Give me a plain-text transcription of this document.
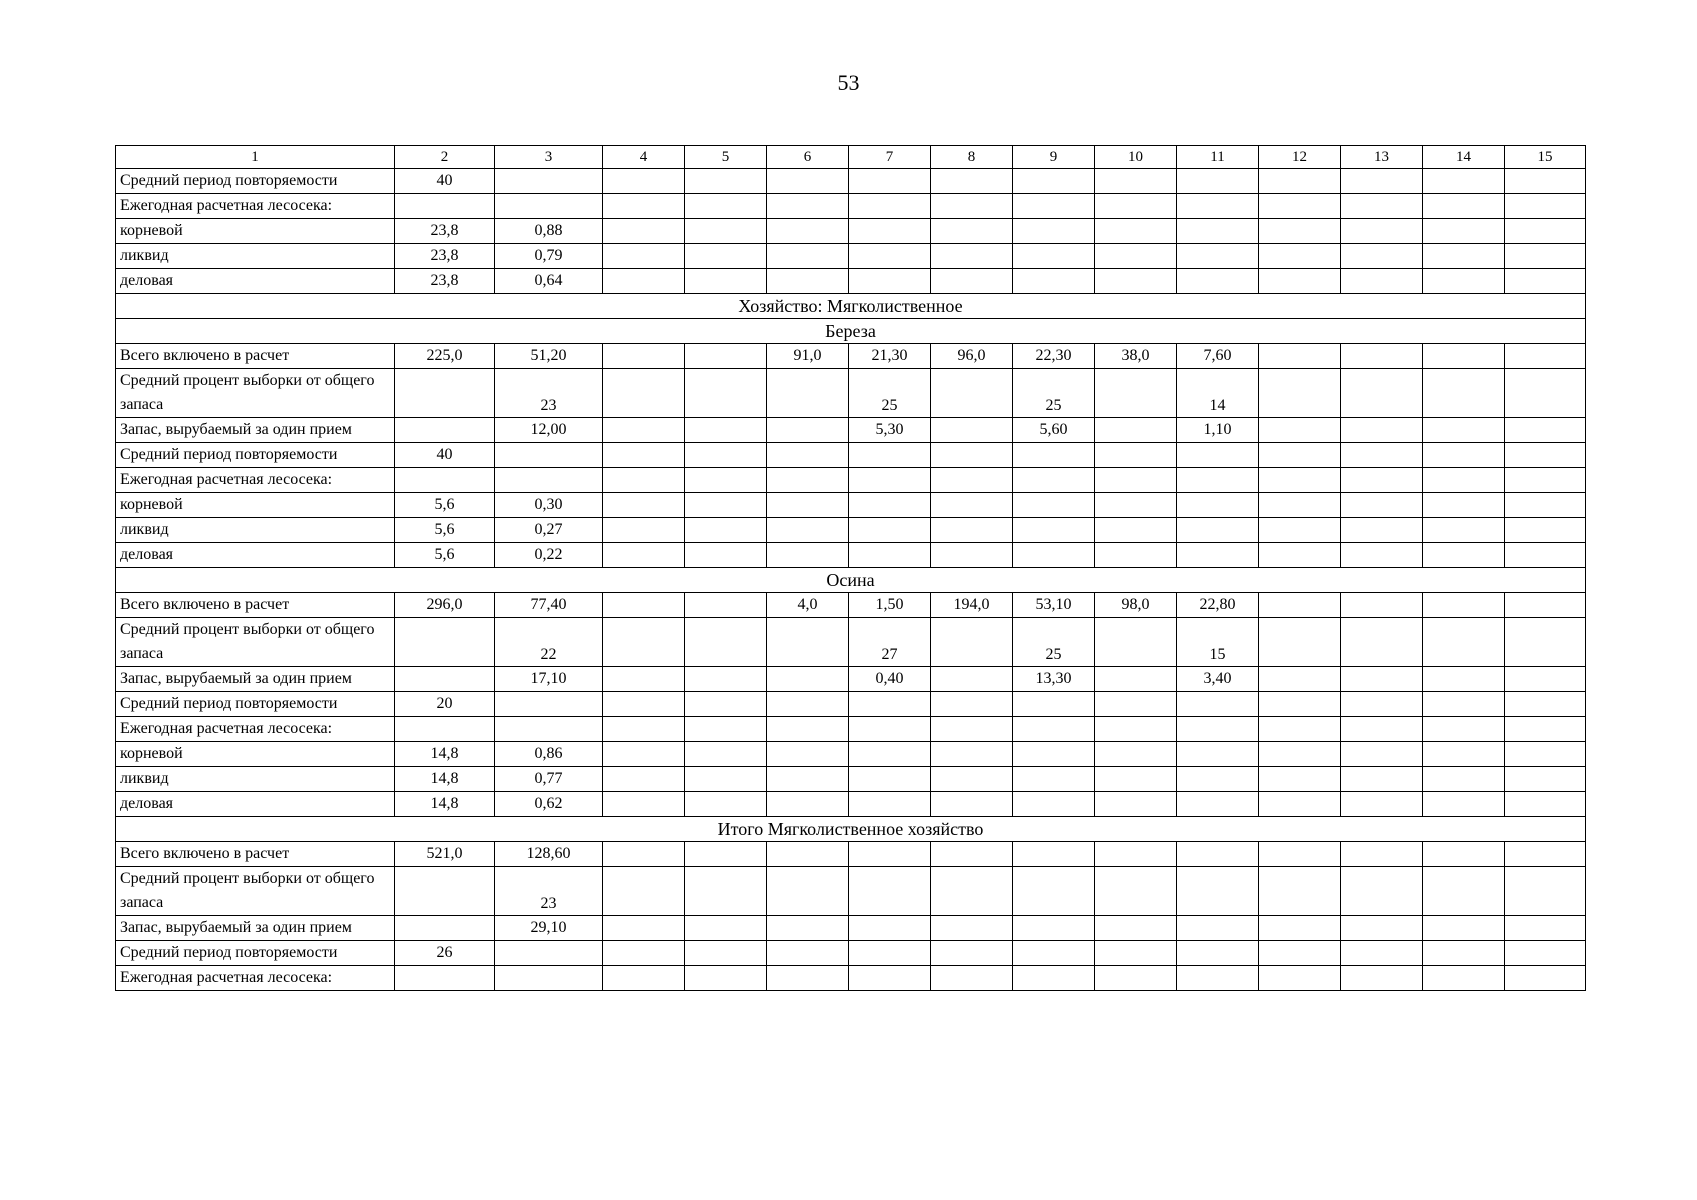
53
1	2	3	4	5	6	7	8	9	10	11	12	13	14	15
Средний период повторяемости	40													
Ежегодная расчетная лесосека:														
корневой	23,8	0,88												
ликвид	23,8	0,79												
деловая	23,8	0,64												
Хозяйство: Мягколиственное														
Береза														
Всего включено в расчет	225,0	51,20			91,0	21,30	96,0	22,30	38,0	7,60				
Средний процент выборки от общего запаса		23				25		25		14				
Запас, вырубаемый за один прием		12,00				5,30		5,60		1,10				
Средний период повторяемости	40													
Ежегодная расчетная лесосека:														
корневой	5,6	0,30												
ликвид	5,6	0,27												
деловая	5,6	0,22												
Осина														
Всего включено в расчет	296,0	77,40			4,0	1,50	194,0	53,10	98,0	22,80				
Средний процент выборки от общего запаса		22				27		25		15				
Запас, вырубаемый за один прием		17,10				0,40		13,30		3,40				
Средний период повторяемости	20													
Ежегодная расчетная лесосека:														
корневой	14,8	0,86												
ликвид	14,8	0,77												
деловая	14,8	0,62												
Итого Мягколиственное хозяйство														
Всего включено в расчет	521,0	128,60												
Средний процент выборки от общего запаса		23												
Запас, вырубаемый за один прием		29,10												
Средний период повторяемости	26													
Ежегодная расчетная лесосека:														
